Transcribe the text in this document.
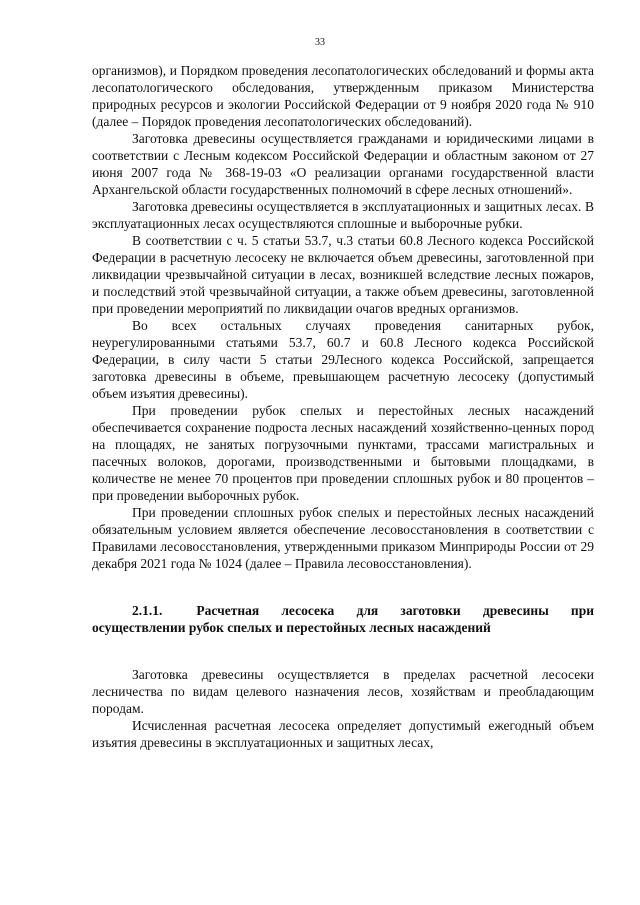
33

организмов), и Порядком проведения лесопатологических обследований и формы акта лесопатологического обследования, утвержденным приказом Министерства природных ресурсов и экологии Российской Федерации от 9 ноября 2020 года № 910 (далее – Порядок проведения лесопатологических обследований).

Заготовка древесины осуществляется гражданами и юридическими лицами в соответствии с Лесным кодексом Российской Федерации и областным законом от 27 июня 2007 года № 368-19-03 «О реализации органами государственной власти Архангельской области государственных полномочий в сфере лесных отношений».

Заготовка древесины осуществляется в эксплуатационных и защитных лесах. В эксплуатационных лесах осуществляются сплошные и выборочные рубки.

В соответствии с ч. 5 статьи 53.7, ч.3 статьи 60.8 Лесного кодекса Российской Федерации в расчетную лесосеку не включается объем древесины, заготовленной при ликвидации чрезвычайной ситуации в лесах, возникшей вследствие лесных пожаров, и последствий этой чрезвычайной ситуации, а также объем древесины, заготовленной при проведении мероприятий по ликвидации очагов вредных организмов.

Во всех остальных случаях проведения санитарных рубок, неурегулированными статьями 53.7, 60.7 и 60.8 Лесного кодекса Российской Федерации, в силу части 5 статьи 29Лесного кодекса Российской, запрещается заготовка древесины в объеме, превышающем расчетную лесосеку (допустимый объем изъятия древесины).

При проведении рубок спелых и перестойных лесных насаждений обеспечивается сохранение подроста лесных насаждений хозяйственно-ценных пород на площадях, не занятых погрузочными пунктами, трассами магистральных и пасечных волоков, дорогами, производственными и бытовыми площадками, в количестве не менее 70 процентов при проведении сплошных рубок и 80 процентов – при проведении выборочных рубок.

При проведении сплошных рубок спелых и перестойных лесных насаждений обязательным условием является обеспечение лесовосстановления в соответствии с Правилами лесовосстановления, утвержденными приказом Минприроды России от 29 декабря 2021 года № 1024 (далее – Правила лесовосстановления).

2.1.1.	Расчетная лесосека для заготовки древесины при осуществлении рубок спелых и перестойных лесных насаждений

Заготовка древесины осуществляется в пределах расчетной лесосеки лесничества по видам целевого назначения лесов, хозяйствам и преобладающим породам.

Исчисленная расчетная лесосека определяет допустимый ежегодный объем изъятия древесины в эксплуатационных и защитных лесах,
